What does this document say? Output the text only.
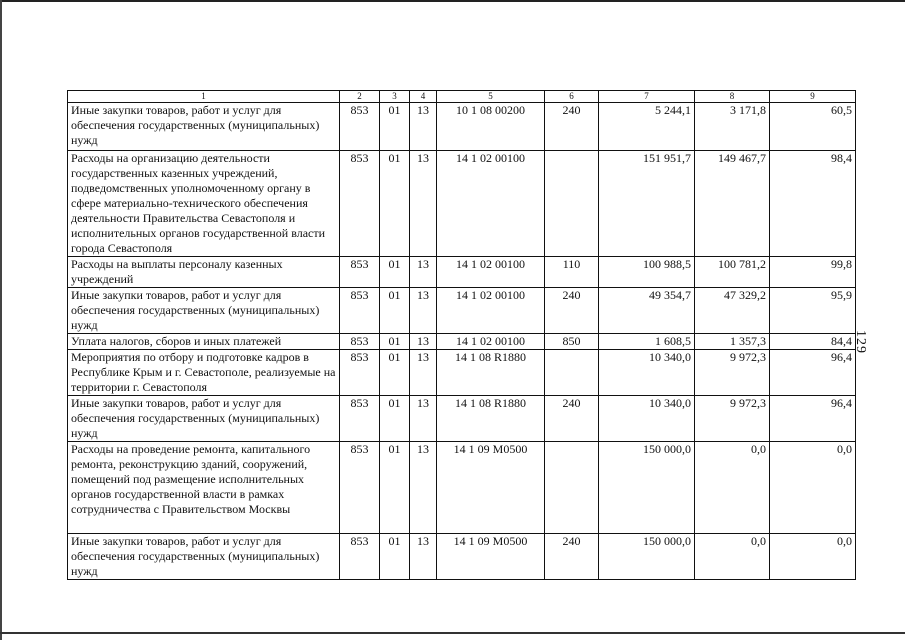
1	2	3	4	5	6	7	8	9
Иные закупки товаров, работ и услуг для обеспечения государственных (муниципальных) нужд	853	01	13	10 1 08 00200	240	5 244,1	3 171,8	60,5
Расходы на организацию деятельности государственных казенных учреждений, подведомственных уполномоченному органу в сфере материально-технического обеспечения деятельности Правительства Севастополя и исполнительных органов государственной власти города Севастополя	853	01	13	14 1 02 00100		151 951,7	149 467,7	98,4
Расходы на выплаты персоналу казенных учреждений	853	01	13	14 1 02 00100	110	100 988,5	100 781,2	99,8
Иные закупки товаров, работ и услуг для обеспечения государственных (муниципальных) нужд	853	01	13	14 1 02 00100	240	49 354,7	47 329,2	95,9
Уплата налогов, сборов и иных платежей	853	01	13	14 1 02 00100	850	1 608,5	1 357,3	84,4
Мероприятия по отбору и подготовке кадров в Республике Крым и г. Севастополе, реализуемые на территории г. Севастополя	853	01	13	14 1 08 R1880		10 340,0	9 972,3	96,4
Иные закупки товаров, работ и услуг для обеспечения государственных (муниципальных) нужд	853	01	13	14 1 08 R1880	240	10 340,0	9 972,3	96,4
Расходы на проведение ремонта, капитального ремонта, реконструкцию зданий, сооружений, помещений под размещение исполнительных органов государственной власти в рамках сотрудничества с Правительством Москвы	853	01	13	14 1 09 M0500		150 000,0	0,0	0,0
Иные закупки товаров, работ и услуг для обеспечения государственных (муниципальных) нужд	853	01	13	14 1 09 M0500	240	150 000,0	0,0	0,0
129
